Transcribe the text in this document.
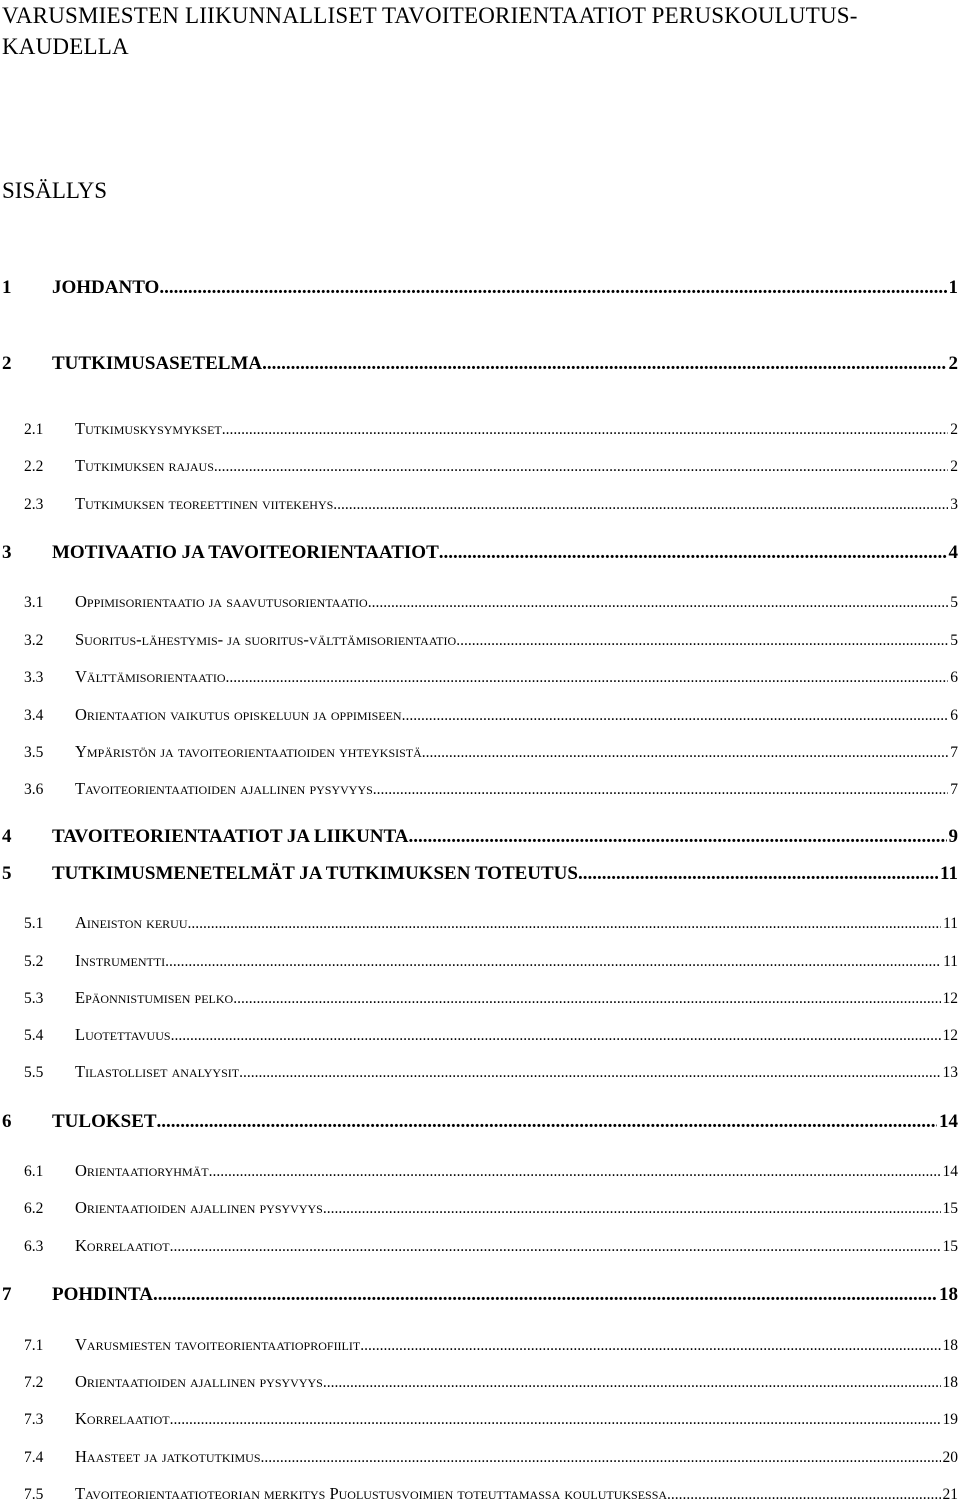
VARUSMIESTEN LIIKUNNALLISET TAVOITEORIENTAATIOT PERUSKOULUTUS-KAUDELLA
SISÄLLYS
1	JOHDANTO .....	1
2	TUTKIMUSASETELMA .....	2
2.1	Tutkimuskysymykset .....	2
2.2	Tutkimuksen rajaus .....	2
2.3	Tutkimuksen teoreettinen viitekehys .....	3
3	MOTIVAATIO JA TAVOITEORIENTAATIOT .....	4
3.1	Oppimisorientaatio ja saavutusorientaatio .....	5
3.2	Suoritus-lähestymis- ja suoritus-välttämisorientaatio .....	5
3.3	Välttämisorientaatio .....	6
3.4	Orientaation vaikutus opiskeluun ja oppimiseen .....	6
3.5	Ympäristön ja tavoiteorientaatioiden yhteyksistä .....	7
3.6	Tavoiteorientaatioiden ajallinen pysyvyys .....	7
4	TAVOITEORIENTAATIOT JA LIIKUNTA .....	9
5	TUTKIMUSMENETELMÄT JA TUTKIMUKSEN TOTEUTUS .....	11
5.1	Aineiston keruu .....	11
5.2	Instrumentti .....	11
5.3	Epäonnistumisen pelko .....	12
5.4	Luotettavuus .....	12
5.5	Tilastolliset analyysit .....	13
6	TULOKSET .....	14
6.1	Orientaatioryhmät .....	14
6.2	Orientaatioiden ajallinen pysyvyys .....	15
6.3	Korrelaatiot .....	15
7	POHDINTA .....	18
7.1	Varusmiesten tavoiteorientaatioprofiilit .....	18
7.2	Orientaatioiden ajallinen pysyvyys .....	18
7.3	Korrelaatiot .....	19
7.4	Haasteet ja jatkotutkimus .....	20
7.5	Tavoiteorientaatioteorian merkitys Puolustusvoimien toteuttamassa koulutuksessa .....	21
